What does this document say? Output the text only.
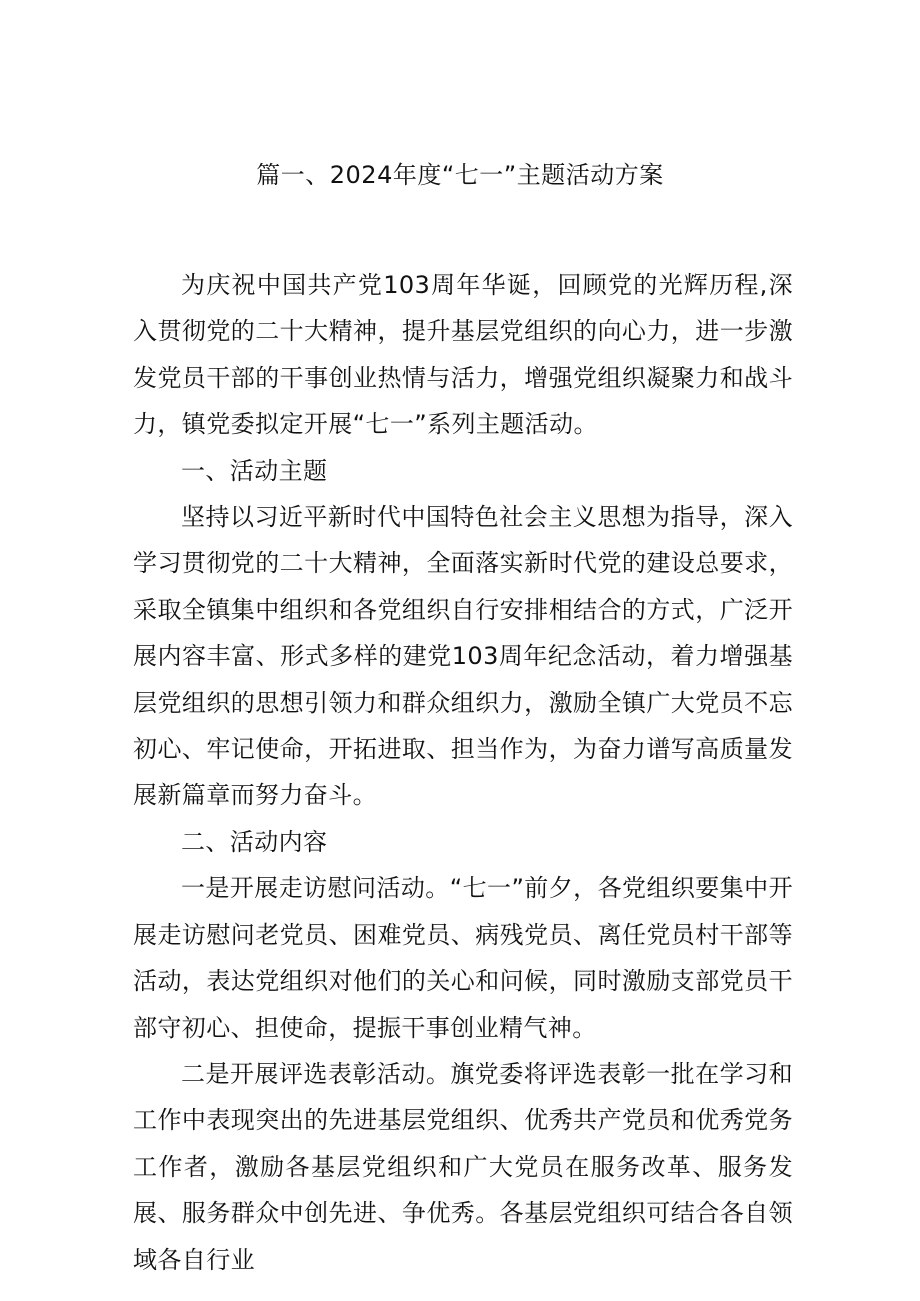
篇一、2024年度“七一”主题活动方案

为庆祝中国共产党103周年华诞，回顾党的光辉历程,深入贯彻党的二十大精神，提升基层党组织的向心力，进一步激发党员干部的干事创业热情与活力，增强党组织凝聚力和战斗力，镇党委拟定开展“七一”系列主题活动。

一、活动主题

坚持以习近平新时代中国特色社会主义思想为指导，深入学习贯彻党的二十大精神，全面落实新时代党的建设总要求，采取全镇集中组织和各党组织自行安排相结合的方式，广泛开展内容丰富、形式多样的建党103周年纪念活动，着力增强基层党组织的思想引领力和群众组织力，激励全镇广大党员不忘初心、牢记使命，开拓进取、担当作为，为奋力谱写高质量发展新篇章而努力奋斗。

二、活动内容

一是开展走访慰问活动。“七一”前夕，各党组织要集中开展走访慰问老党员、困难党员、病残党员、离任党员村干部等活动，表达党组织对他们的关心和问候，同时激励支部党员干部守初心、担使命，提振干事创业精气神。

二是开展评选表彰活动。旗党委将评选表彰一批在学习和工作中表现突出的先进基层党组织、优秀共产党员和优秀党务工作者，激励各基层党组织和广大党员在服务改革、服务发展、服务群众中创先进、争优秀。各基层党组织可结合各自领域各自行业
